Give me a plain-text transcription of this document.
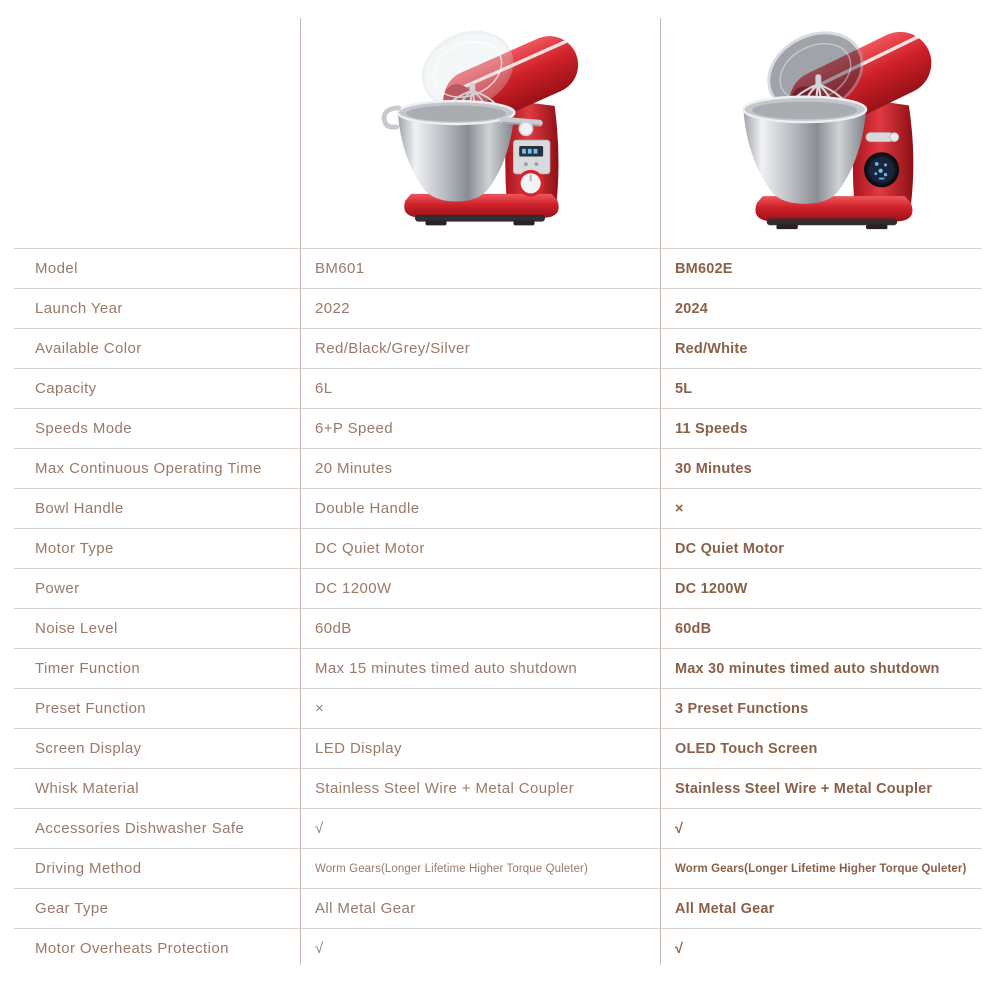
Model	BM601	BM602E
Launch Year	2022	2024
Available Color	Red/Black/Grey/Silver	Red/White
Capacity	6L	5L
Speeds Mode	6+P Speed	11 Speeds
Max Continuous Operating Time	20 Minutes	30 Minutes
Bowl Handle	Double Handle	×
Motor Type	DC Quiet Motor	DC Quiet Motor
Power	DC 1200W	DC 1200W
Noise Level	60dB	60dB
Timer Function	Max 15 minutes timed auto shutdown	Max 30 minutes timed auto shutdown
Preset Function	×	3 Preset Functions
Screen Display	LED Display	OLED Touch Screen
Whisk Material	Stainless Steel Wire + Metal Coupler	Stainless Steel Wire + Metal Coupler
Accessories Dishwasher Safe	√	√
Driving Method	Worm Gears(Longer Lifetime Higher Torque Quleter)	Worm Gears(Longer Lifetime Higher Torque Quleter)
Gear Type	All Metal Gear	All Metal Gear
Motor Overheats Protection	√	√
